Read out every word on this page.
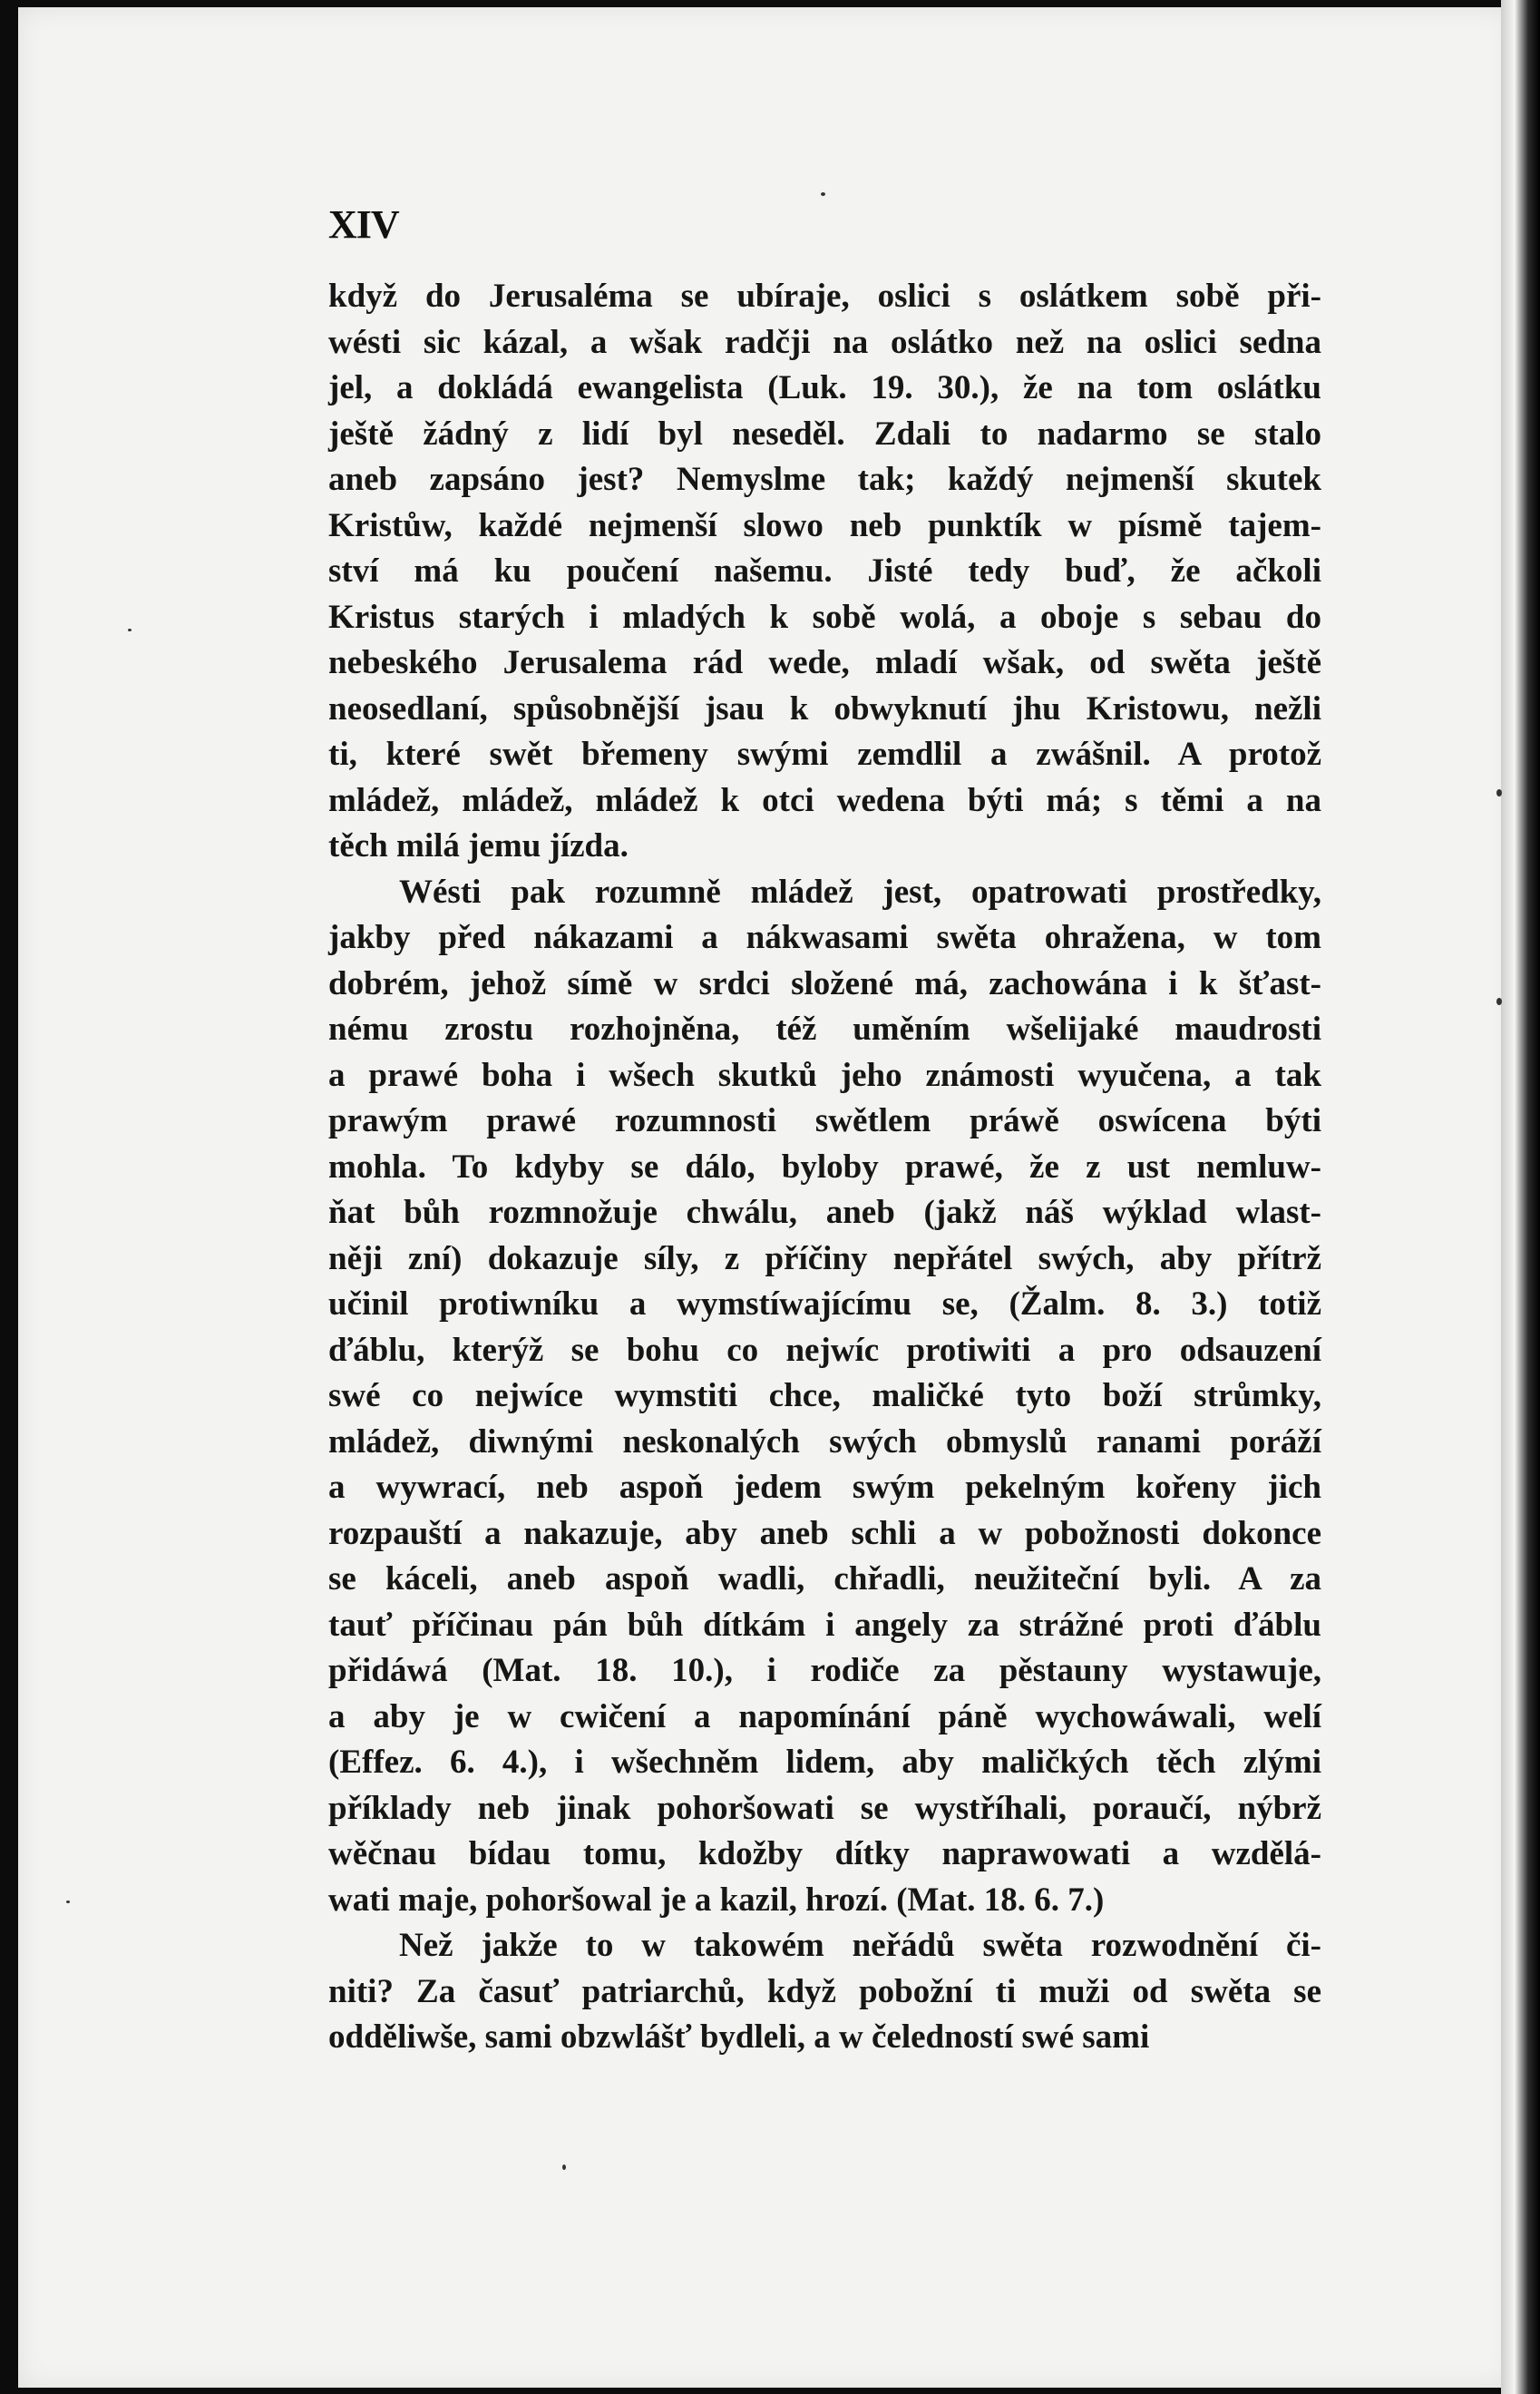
XIV
když do Jerusaléma se ubíraje, oslici s oslátkem sobě při-
wésti sic kázal, a wšak radčji na oslátko než na oslici sedna
jel, a dokládá ewangelista (Luk. 19. 30.), že na tom oslátku
ještě žádný z lidí byl neseděl. Zdali to nadarmo se stalo
aneb zapsáno jest? Nemyslme tak; každý nejmenší skutek
Kristůw, každé nejmenší slowo neb punktík w písmě tajem-
ství má ku poučení našemu. Jisté tedy buď, že ačkoli
Kristus starých i mladých k sobě wolá, a oboje s sebau do
nebeského Jerusalema rád wede, mladí wšak, od swěta ještě
neosedlaní, spůsobnější jsau k obwyknutí jhu Kristowu, nežli
ti, které swět břemeny swými zemdlil a zwášnil. A protož
mládež, mládež, mládež k otci wedena býti má; s těmi a na
těch milá jemu jízda.
Wésti pak rozumně mládež jest, opatrowati prostředky,
jakby před nákazami a nákwasami swěta ohražena, w tom
dobrém, jehož símě w srdci složené má, zachowána i k šťast-
nému zrostu rozhojněna, též uměním wšelijaké maudrosti
a prawé boha i wšech skutků jeho známosti wyučena, a tak
prawým prawé rozumnosti swětlem práwě oswícena býti
mohla. To kdyby se dálo, byloby prawé, že z ust nemluw-
ňat bůh rozmnožuje chwálu, aneb (jakž náš wýklad wlast-
něji zní) dokazuje síly, z příčiny nepřátel swých, aby přítrž
učinil protiwníku a wymstíwajícímu se, (Žalm. 8. 3.) totiž
ďáblu, kterýž se bohu co nejwíc protiwiti a pro odsauzení
swé co nejwíce wymstiti chce, maličké tyto boží strůmky,
mládež, diwnými neskonalých swých obmyslů ranami poráží
a wywrací, neb aspoň jedem swým pekelným kořeny jich
rozpauští a nakazuje, aby aneb schli a w pobožnosti dokonce
se káceli, aneb aspoň wadli, chřadli, neužiteční byli. A za
tauť příčinau pán bůh dítkám i angely za strážné proti ďáblu
přidáwá (Mat. 18. 10.), i rodiče za pěstauny wystawuje,
a aby je w cwičení a napomínání páně wychowáwali, welí
(Effez. 6. 4.), i wšechněm lidem, aby maličkých těch zlými
příklady neb jinak pohoršowati se wystříhali, poraučí, nýbrž
wěčnau bídau tomu, kdožby dítky naprawowati a wzdělá-
wati maje, pohoršowal je a kazil, hrozí. (Mat. 18. 6. 7.)
Než jakže to w takowém neřádů swěta rozwodnění či-
niti? Za časuť patriarchů, když pobožní ti muži od swěta se
odděliwše, sami obzwlášť bydleli, a w čeledností swé sami
